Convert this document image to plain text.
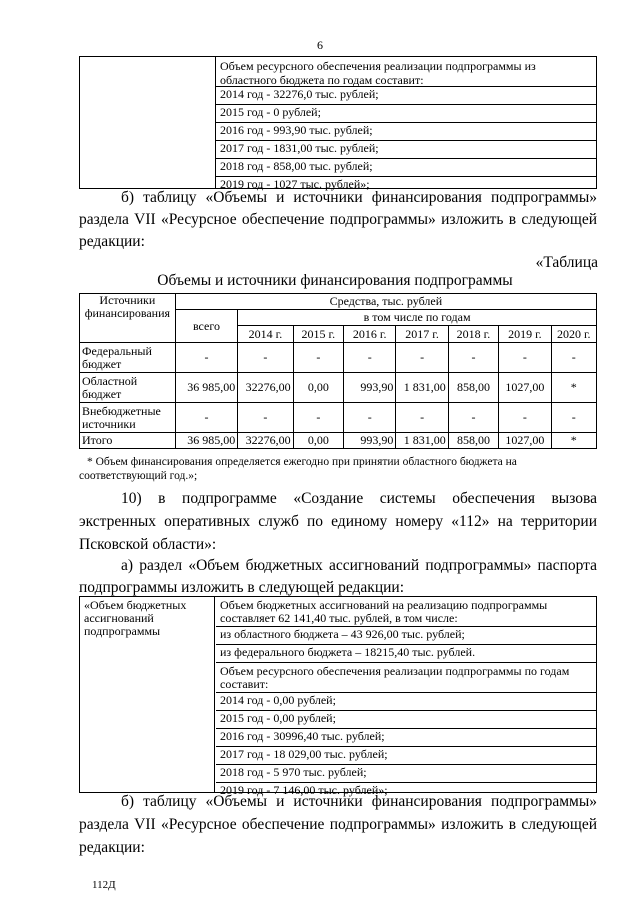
6
Объем ресурсного обеспечения реализации подпрограммы из областного бюджета по годам составит:
2014 год - 32276,0 тыс. рублей;
2015 год - 0 рублей;
2016 год - 993,90 тыс. рублей;
2017 год - 1831,00 тыс. рублей;
2018 год - 858,00 тыс. рублей;
2019 год - 1027 тыс. рублей»;
б) таблицу «Объемы и источники финансирования подпрограммы» раздела VII «Ресурсное обеспечение подпрограммы» изложить в следующей редакции:
«Таблица
Объемы и источники финансирования подпрограммы
Источники финансирования	Средства, тыс. рублей							
	всего	в том числе по годам						
		2014 г.	2015 г.	2016 г.	2017 г.	2018 г.	2019 г.	2020 г.
Федеральный бюджет	-	-	-	-	-	-	-	-
Областной бюджет	36 985,00	32276,00	0,00	993,90	1 831,00	858,00	1027,00	*
Внебюджетные источники	-	-	-	-	-	-	-	-
Итого	36 985,00	32276,00	0,00	993,90	1 831,00	858,00	1027,00	*
* Объем финансирования определяется ежегодно при принятии областного бюджета на соответствующий год.»;
10) в подпрограмме «Создание системы обеспечения вызова экстренных оперативных служб по единому номеру «112» на территории Псковской области»:
а) раздел «Объем бюджетных ассигнований подпрограммы» паспорта подпрограммы изложить в следующей редакции:
«Объем бюджетных ассигнований подпрограммы
Объем бюджетных ассигнований на реализацию подпрограммы составляет 62 141,40 тыс. рублей, в том числе:
из областного бюджета – 43 926,00 тыс. рублей;
из федерального бюджета – 18215,40 тыс. рублей.
Объем ресурсного обеспечения реализации подпрограммы по годам составит:
2014 год - 0,00 рублей;
2015 год - 0,00 рублей;
2016 год - 30996,40 тыс. рублей;
2017 год - 18 029,00 тыс. рублей;
2018 год - 5 970 тыс. рублей;
2019 год - 7 146,00 тыс. рублей»;
б) таблицу «Объемы и источники финансирования подпрограммы» раздела VII «Ресурсное обеспечение подпрограммы» изложить в следующей редакции:
112Д
